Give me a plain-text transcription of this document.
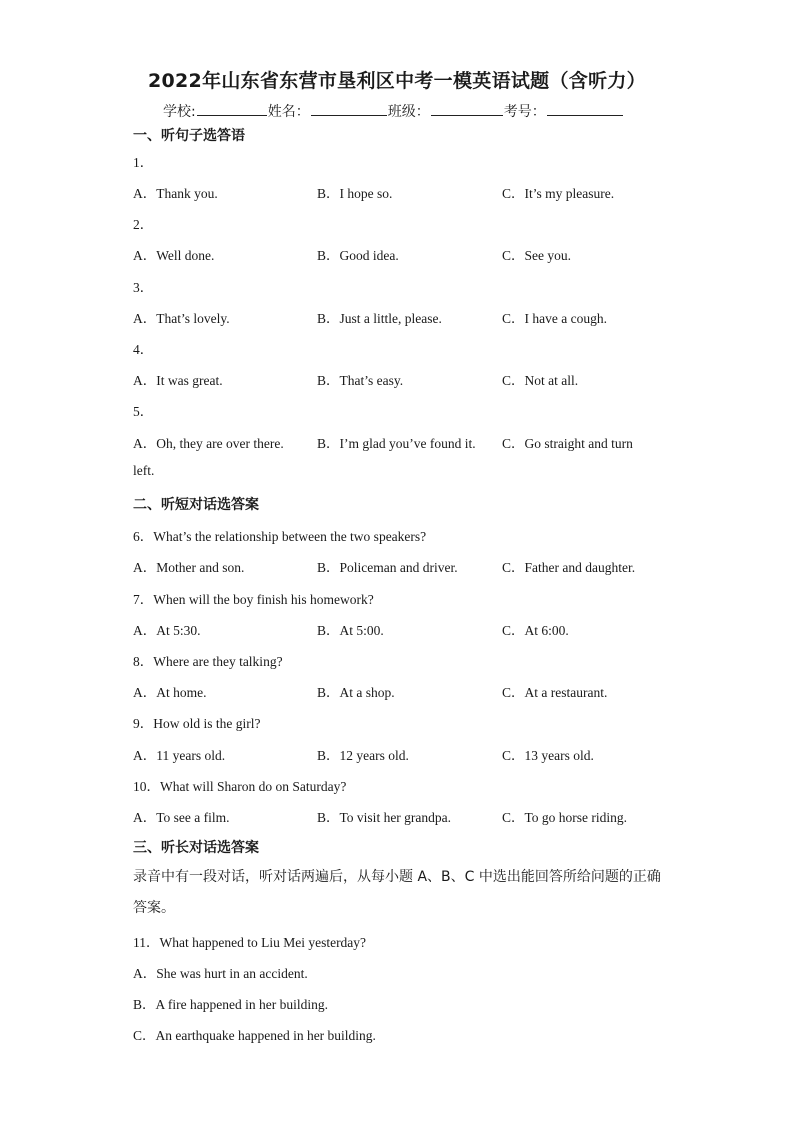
2022年山东省东营市垦利区中考一模英语试题（含听力）
学校:	姓名：	班级：	考号：
一、听句子选答语
1．
A．Thank you.	B．I hope so.	C．It’s my pleasure.
2．
A．Well done.	B．Good idea.	C．See you.
3．
A．That’s lovely.	B．Just a little, please.	C．I have a cough.
4．
A．It was great.	B．That’s easy.	C．Not at all.
5．
A．Oh, they are over there. B．I’m glad you’ve found it. C．Go straight and turn
left.
二、听短对话选答案
6．What’s the relationship between the two speakers?
A．Mother and son.	B．Policeman and driver.	C．Father and daughter.
7．When will the boy finish his homework?
A．At 5:30.	B．At 5:00.	C．At 6:00.
8．Where are they talking?
A．At home.	B．At a shop.	C．At a restaurant.
9．How old is the girl?
A．11 years old.	B．12 years old.	C．13 years old.
10．What will Sharon do on Saturday?
A．To see a film.	B．To visit her grandpa.	C．To go horse riding.
三、听长对话选答案
录音中有一段对话，听对话两遍后，从每小题 A、B、C 中选出能回答所给问题的正确答案。
11．What happened to Liu Mei yesterday?
A．She was hurt in an accident.
B．A fire happened in her building.
C．An earthquake happened in her building.
